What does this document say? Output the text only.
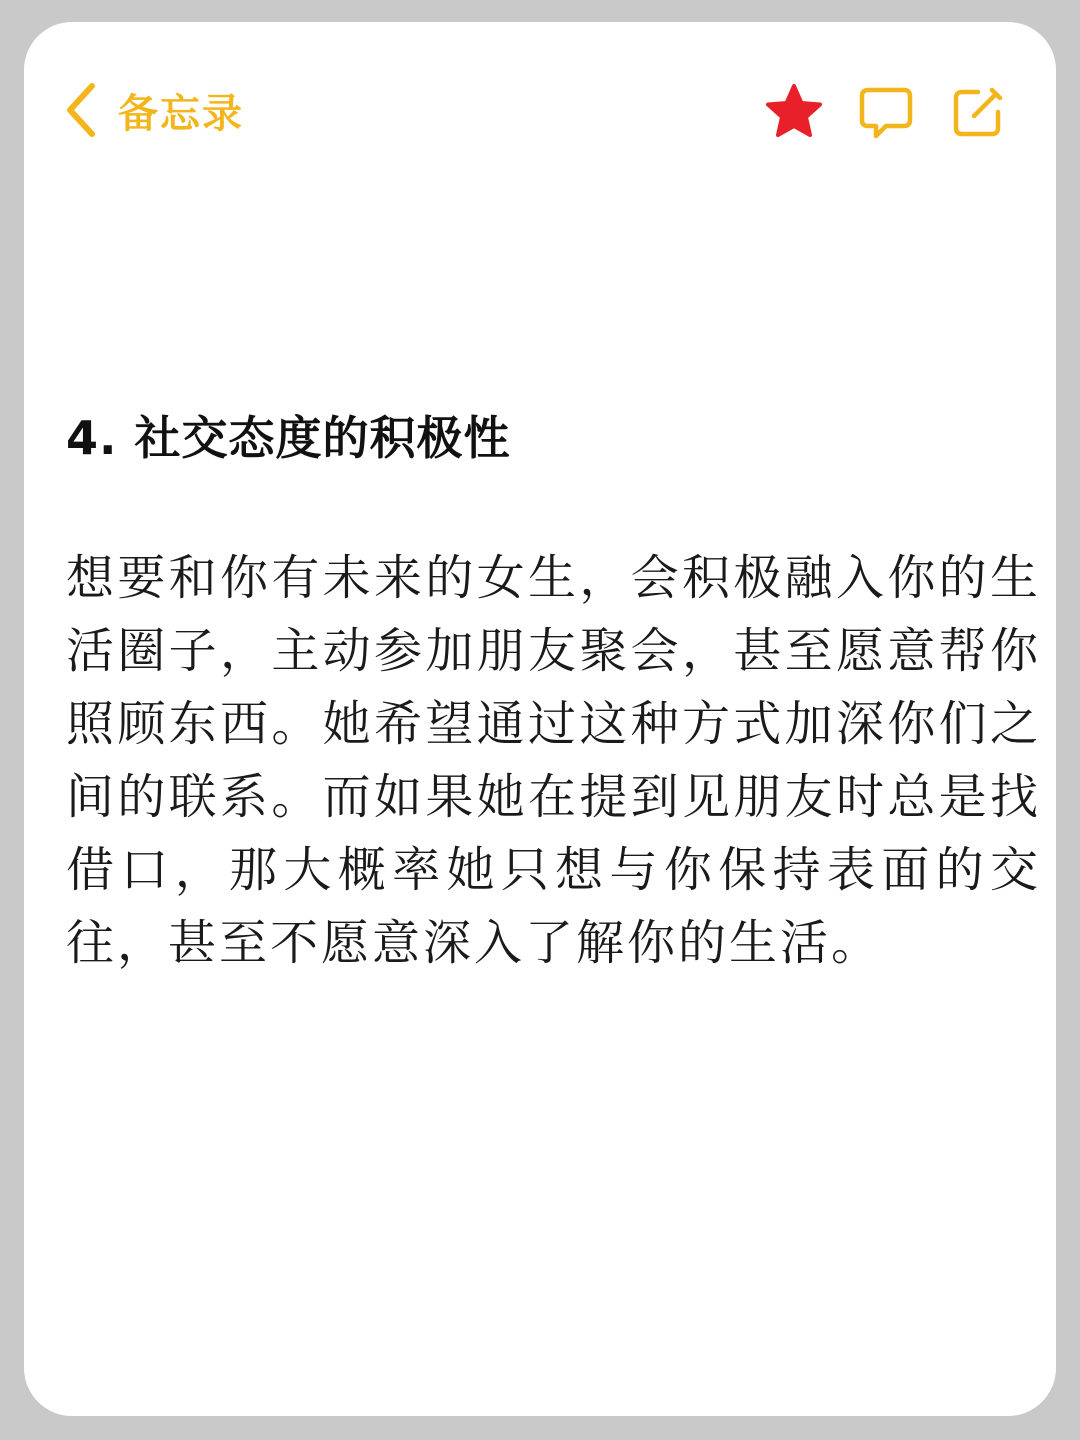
备忘录
4. 社交态度的积极性

想要和你有未来的女生，会积极融入你的生活圈子，主动参加朋友聚会，甚至愿意帮你照顾东西。她希望通过这种方式加深你们之间的联系。而如果她在提到见朋友时总是找借口，那大概率她只想与你保持表面的交往，甚至不愿意深入了解你的生活。
